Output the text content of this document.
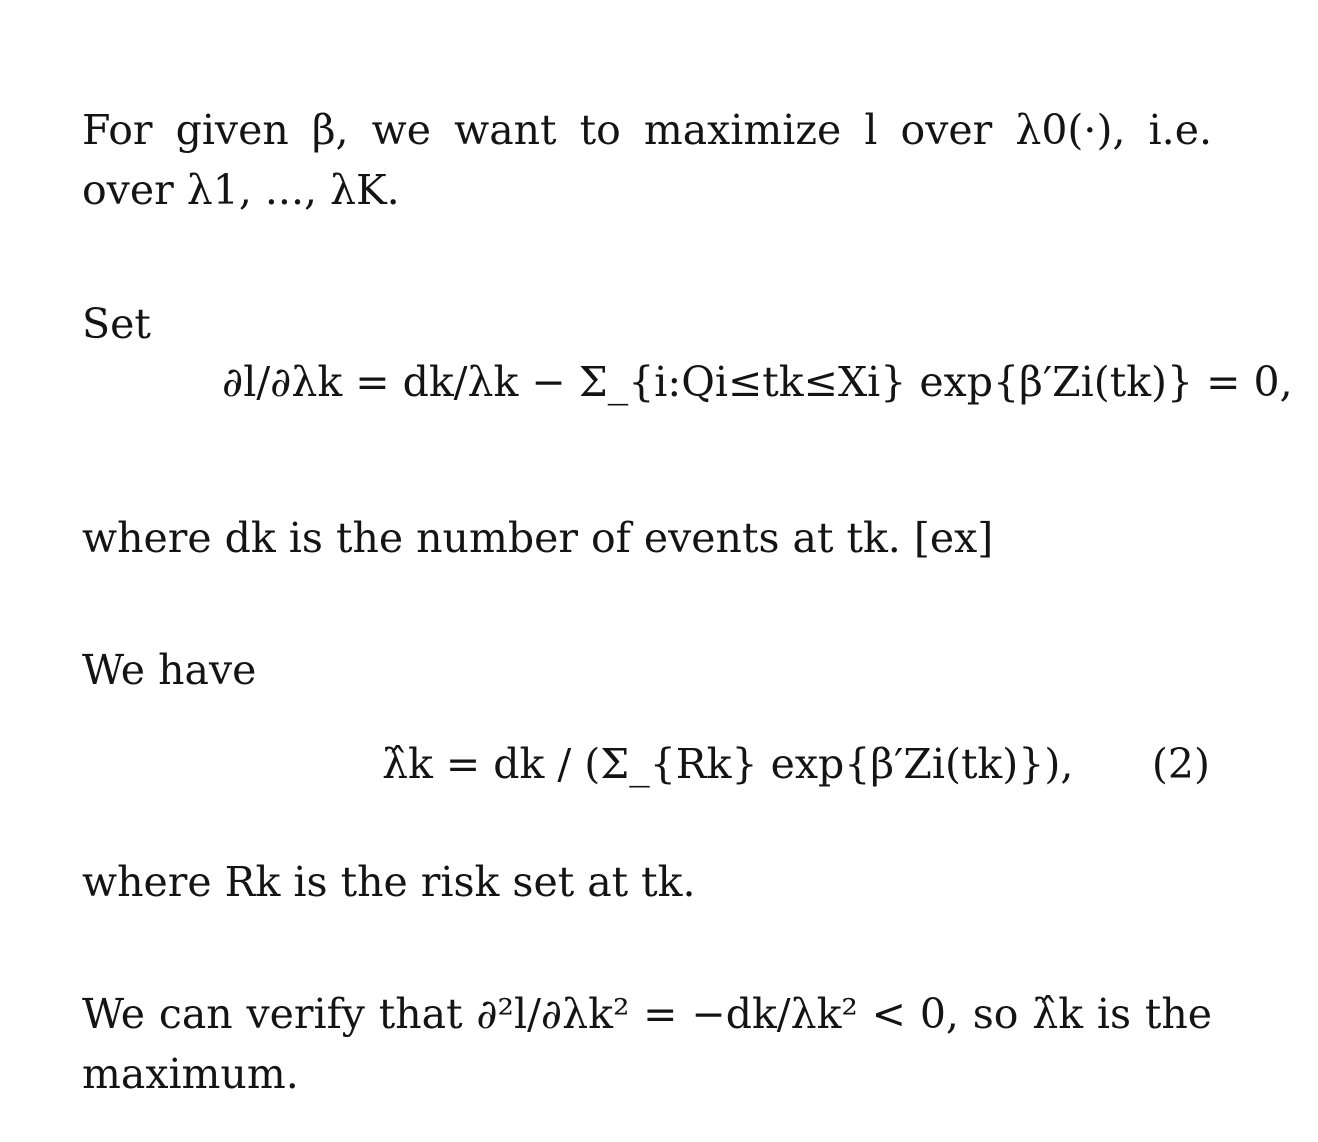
For given β, we want to maximize l over λ0(·), i.e. over λ1, ..., λK.
Set
∂l/∂λk = dk/λk − Σ_{i:Qi≤tk≤Xi} exp{β′Zi(tk)} = 0,
where dk is the number of events at tk. [ex]
We have
λ̂k = dk / (Σ_{Rk} exp{β′Zi(tk)}), (2)
where Rk is the risk set at tk.
We can verify that ∂²l/∂λk² = −dk/λk² < 0, so λ̂k is the maximum.
